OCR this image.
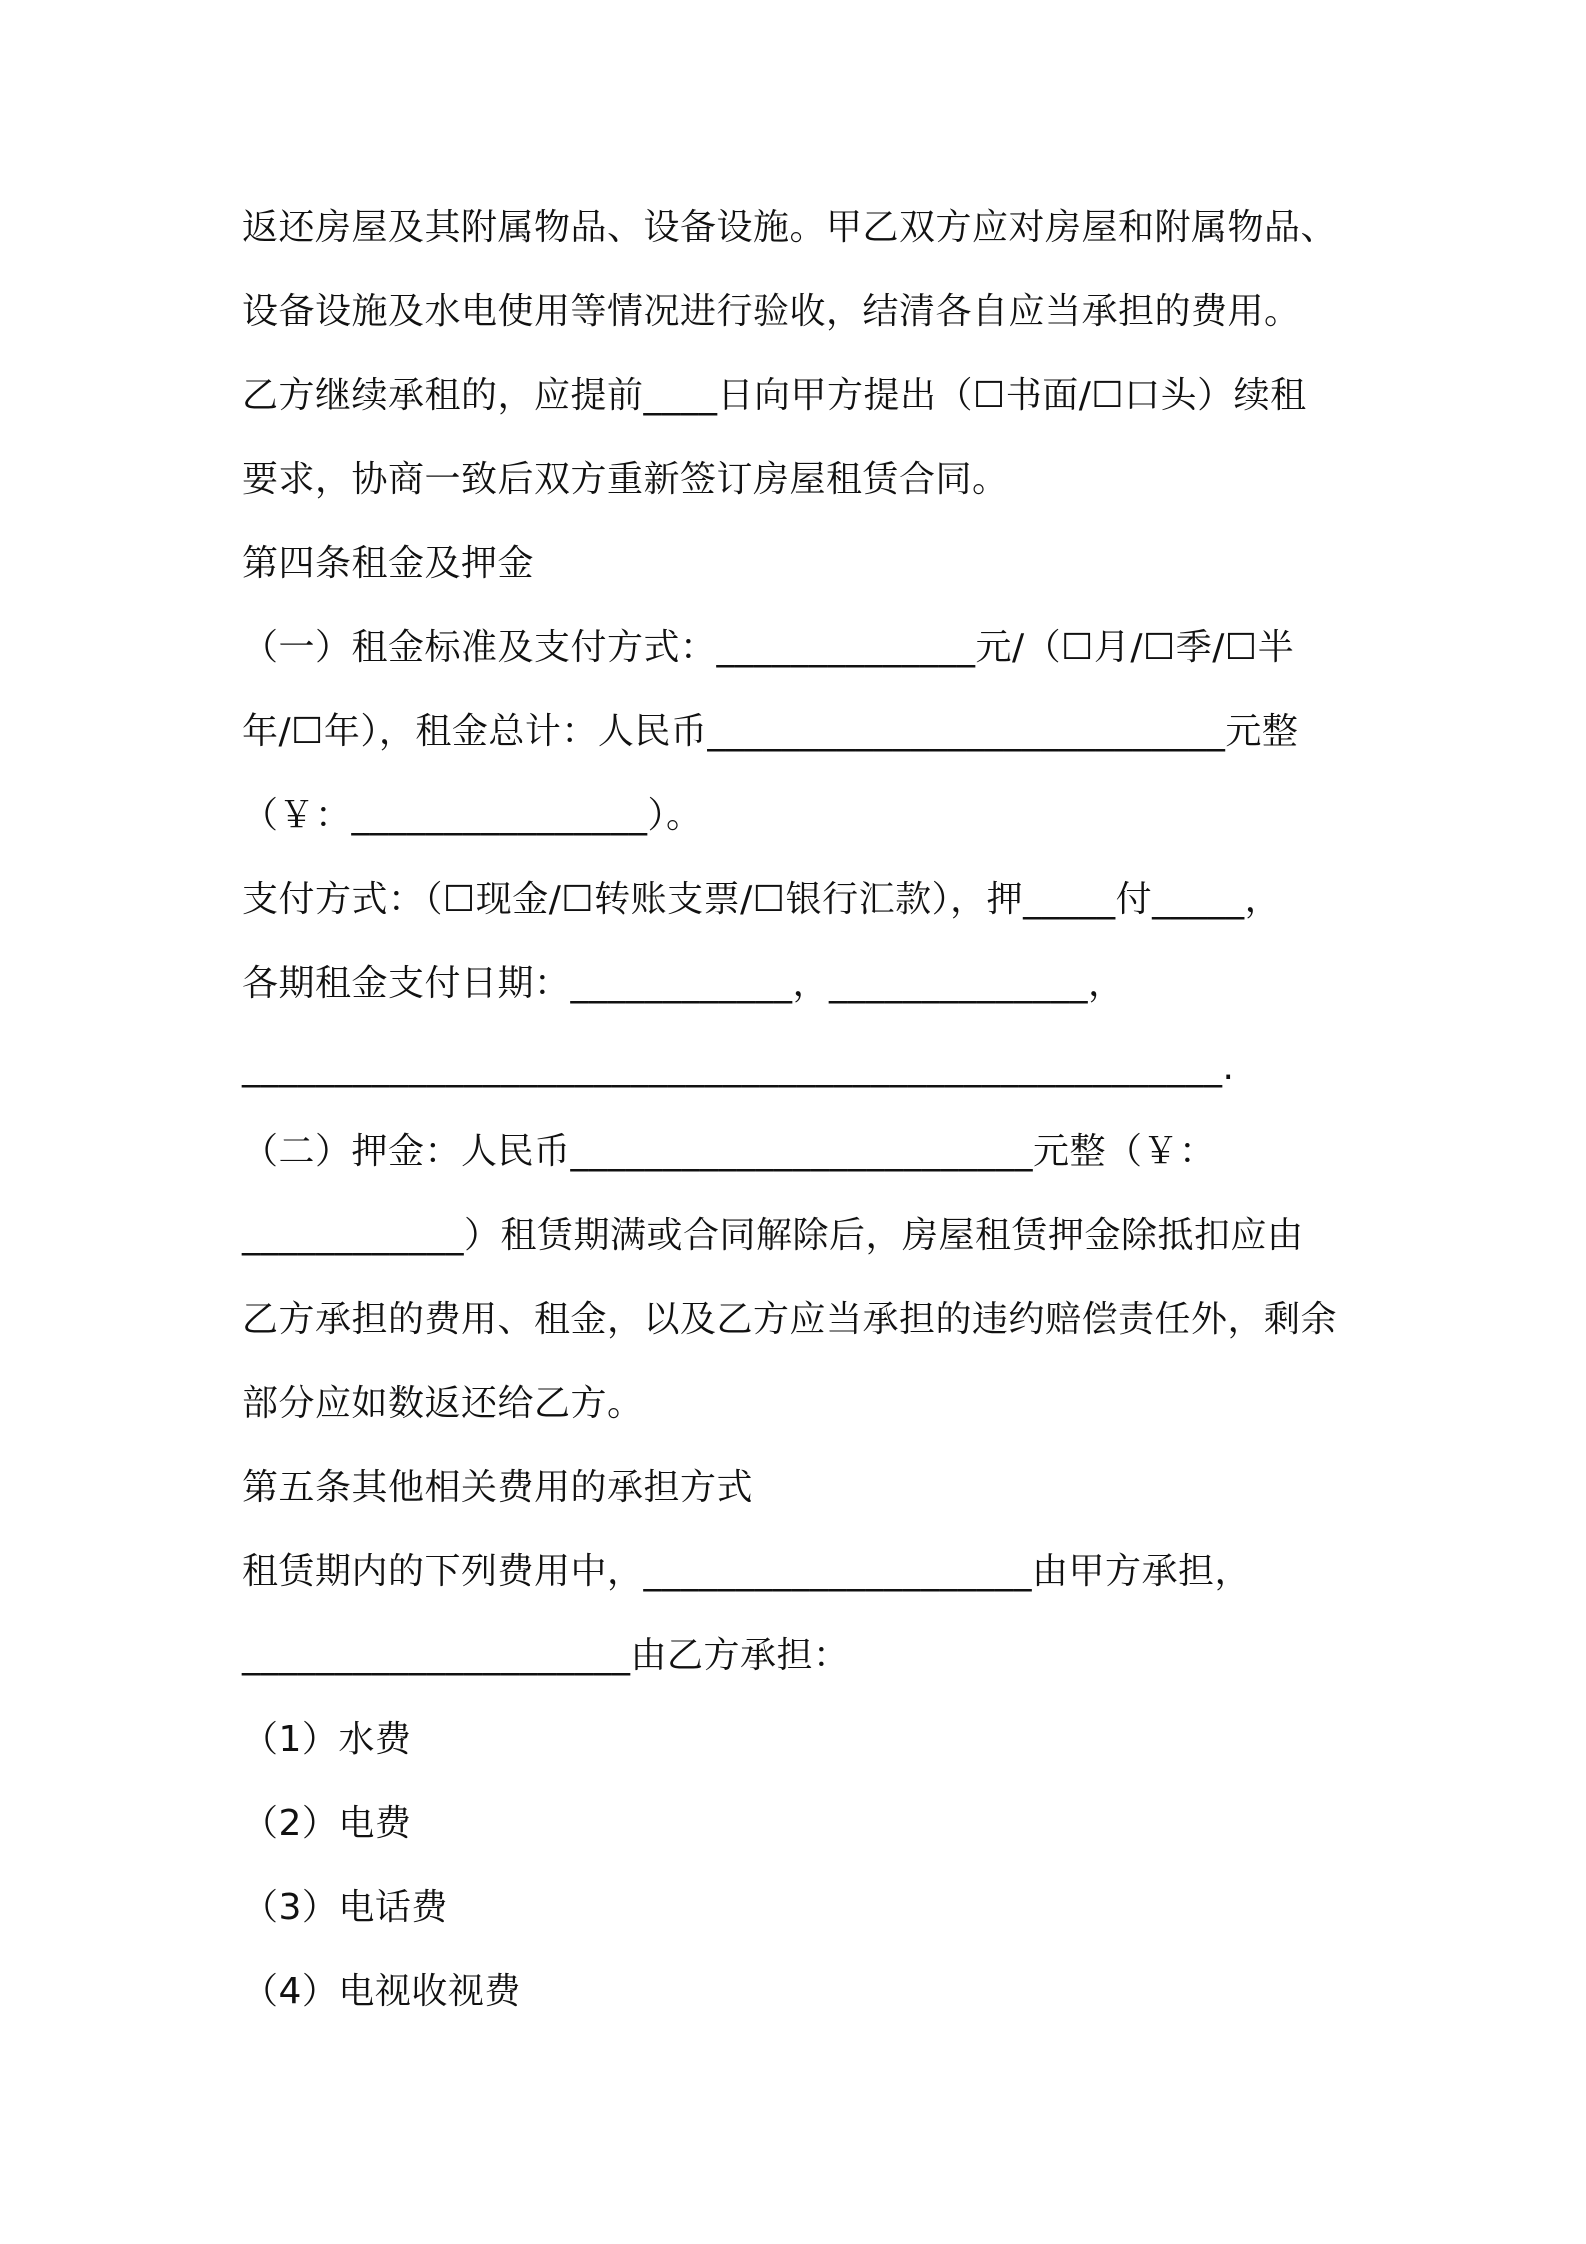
返还房屋及其附属物品、设备设施。甲乙双方应对房屋和附属物品、
设备设施及水电使用等情况进行验收，结清各自应当承担的费用。
乙方继续承租的，应提前____日向甲方提出（☐书面/☐口头）续租
要求，协商一致后双方重新签订房屋租赁合同。
第四条租金及押金
（一）租金标准及支付方式：______________元/（☐月/☐季/☐半
年/☐年），租金总计：人民币____________________________元整
（￥：________________）。
支付方式：（☐现金/☐转账支票/☐银行汇款），押_____付_____，
各期租金支付日期：____________，______________，
_____________________________________________________.
（二）押金：人民币_________________________元整（￥：
____________）租赁期满或合同解除后，房屋租赁押金除抵扣应由
乙方承担的费用、租金，以及乙方应当承担的违约赔偿责任外，剩余
部分应如数返还给乙方。
第五条其他相关费用的承担方式
租赁期内的下列费用中，_____________________由甲方承担，
_____________________由乙方承担：
（1）水费
（2）电费
（3）电话费
（4）电视收视费
